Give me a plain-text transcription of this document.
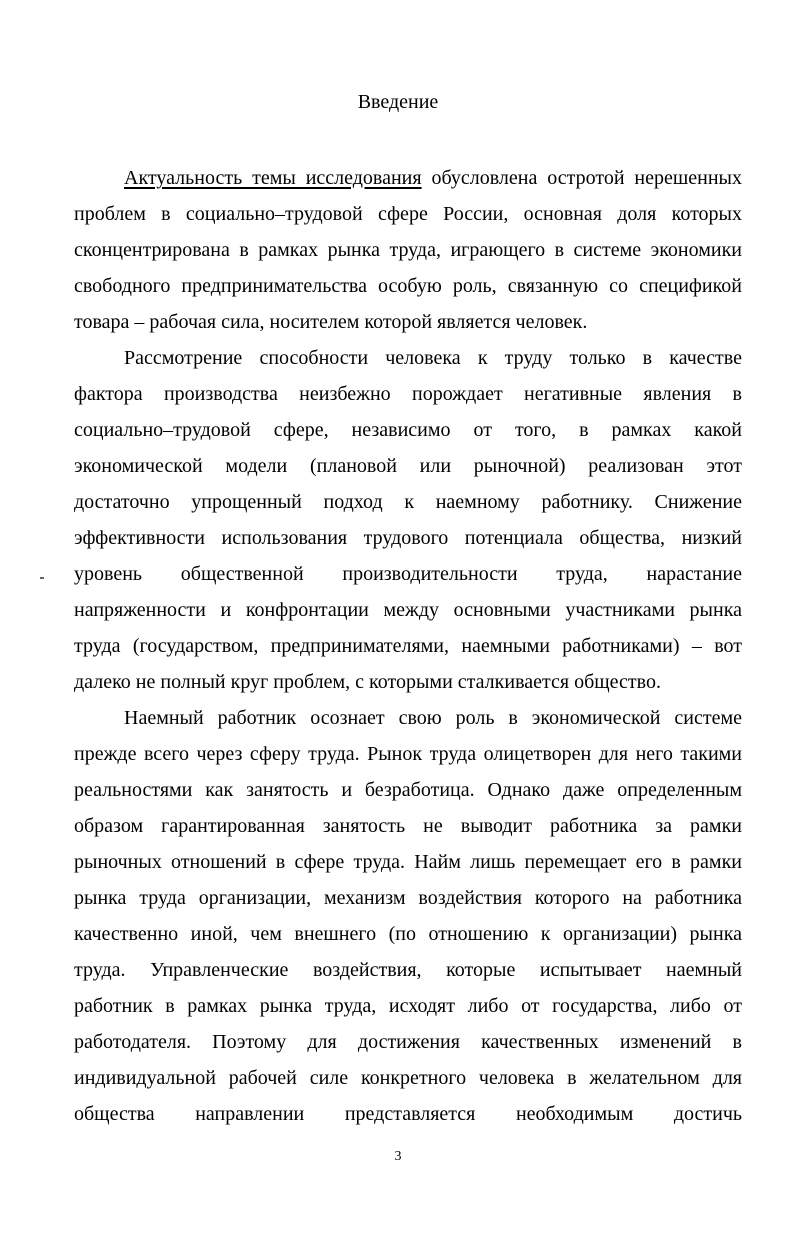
Введение
Актуальность темы исследования обусловлена остротой нерешенных
проблем в социально–трудовой сфере России, основная доля которых
сконцентрирована в рамках рынка труда, играющего в системе экономики
свободного предпринимательства особую роль, связанную со спецификой
товара – рабочая сила, носителем которой является человек.
Рассмотрение способности человека к труду только в качестве
фактора производства неизбежно порождает негативные явления в
социально–трудовой сфере, независимо от того, в рамках какой
экономической модели (плановой или рыночной) реализован этот
достаточно упрощенный подход к наемному работнику. Снижение
эффективности использования трудового потенциала общества, низкий
уровень общественной производительности труда, нарастание
напряженности и конфронтации между основными участниками рынка
труда (государством, предпринимателями, наемными работниками) – вот
далеко не полный круг проблем, с которыми сталкивается общество.
Наемный работник осознает свою роль в экономической системе
прежде всего через сферу труда. Рынок труда олицетворен для него такими
реальностями как занятость и безработица. Однако даже определенным
образом гарантированная занятость не выводит работника за рамки
рыночных отношений в сфере труда. Найм лишь перемещает его в рамки
рынка труда организации, механизм воздействия которого на работника
качественно иной, чем внешнего (по отношению к организации) рынка
труда. Управленческие воздействия, которые испытывает наемный
работник в рамках рынка труда, исходят либо от государства, либо от
работодателя. Поэтому для достижения качественных изменений в
индивидуальной рабочей силе конкретного человека в желательном для
общества направлении представляется необходимым достичь
3
